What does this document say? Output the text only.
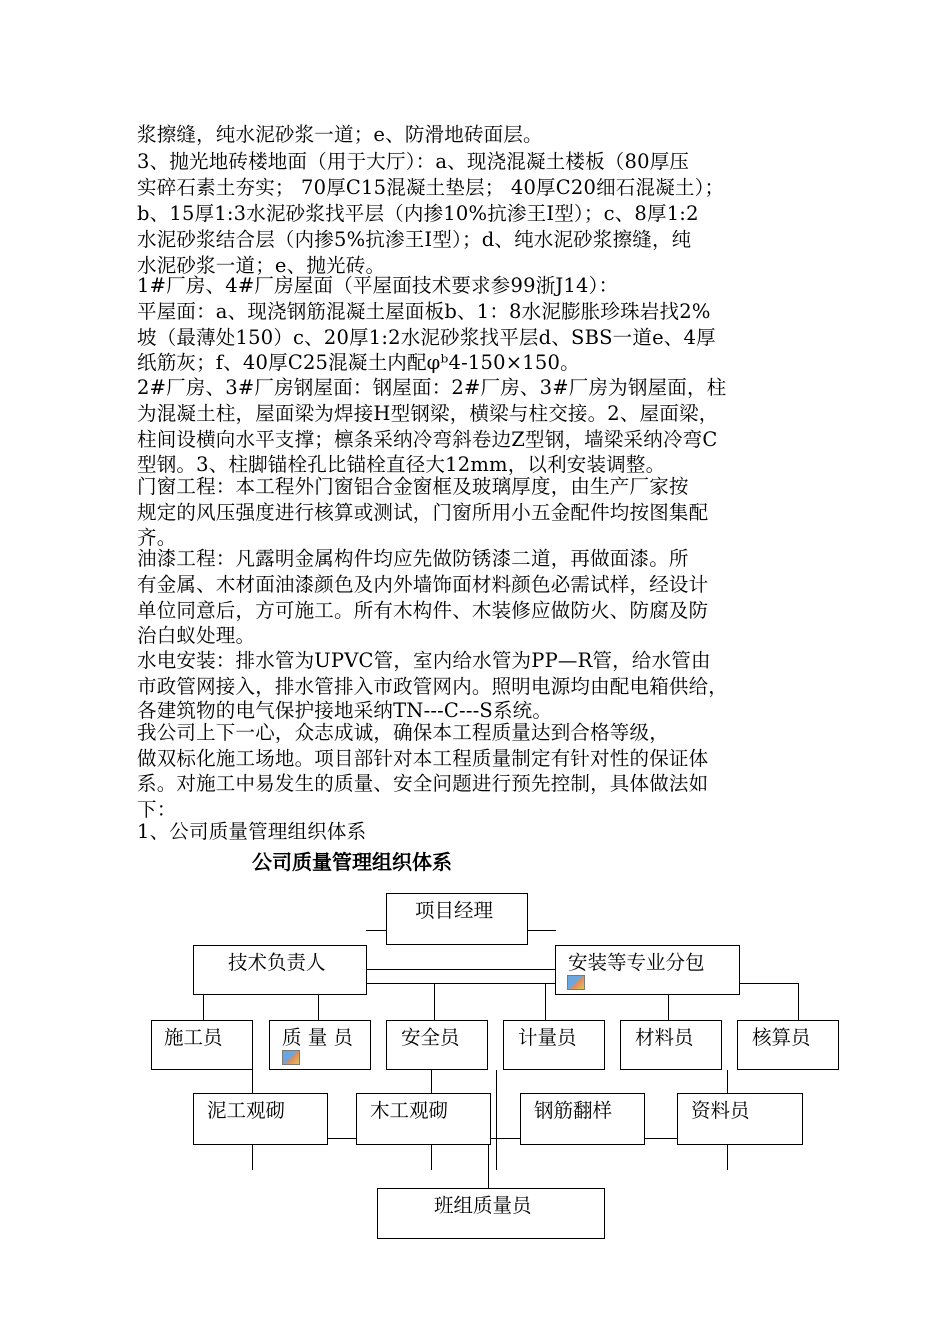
浆擦缝，纯水泥砂浆一道；e、防滑地砖面层。
3、抛光地砖楼地面（用于大厅）：a、现浇混凝土楼板（80厚压
实碎石素土夯实； 70厚C15混凝土垫层； 40厚C20细石混凝土）；
b、15厚1:3水泥砂浆找平层（内掺10%抗渗王Ⅰ型）；c、8厚1:2
水泥砂浆结合层（内掺5%抗渗王Ⅰ型）；d、纯水泥砂浆擦缝，纯
水泥砂浆一道；e、抛光砖。
1#厂房、4#厂房屋面（平屋面技术要求参99浙J14）：
平屋面：a、现浇钢筋混凝土屋面板b、1：8水泥膨胀珍珠岩找2%
坡（最薄处150）c、20厚1:2水泥砂浆找平层d、SBS一道e、4厚
纸筋灰；f、40厚C25混凝土内配φᵇ4-150×150。
2#厂房、3#厂房钢屋面：钢屋面：2#厂房、3#厂房为钢屋面，柱
为混凝土柱，屋面梁为焊接H型钢梁，横梁与柱交接。2、屋面梁，
柱间设横向水平支撑；檩条采纳冷弯斜卷边Z型钢，墙梁采纳冷弯C
型钢。3、柱脚锚栓孔比锚栓直径大12mm，以利安装调整。
门窗工程：本工程外门窗铝合金窗框及玻璃厚度，由生产厂家按
规定的风压强度进行核算或测试，门窗所用小五金配件均按图集配
齐。
油漆工程：凡露明金属构件均应先做防锈漆二道，再做面漆。所
有金属、木材面油漆颜色及内外墙饰面材料颜色必需试样，经设计
单位同意后，方可施工。所有木构件、木装修应做防火、防腐及防
治白蚁处理。
水电安装：排水管为UPVC管，室内给水管为PP—R管，给水管由
市政管网接入，排水管排入市政管网内。照明电源均由配电箱供给，
各建筑物的电气保护接地采纳TN---C---S系统。
我公司上下一心，众志成诚，确保本工程质量达到合格等级，
做双标化施工场地。项目部针对本工程质量制定有针对性的保证体
系。对施工中易发生的质量、安全问题进行预先控制，具体做法如
下：
1、公司质量管理组织体系
公司质量管理组织体系
项目经理
技术负责人	安装等专业分包
施工员	质 量 员 安全员	计量员	材料员	核算员
泥工观砌	木工观砌	钢筋翻样	资料员
班组质量员
